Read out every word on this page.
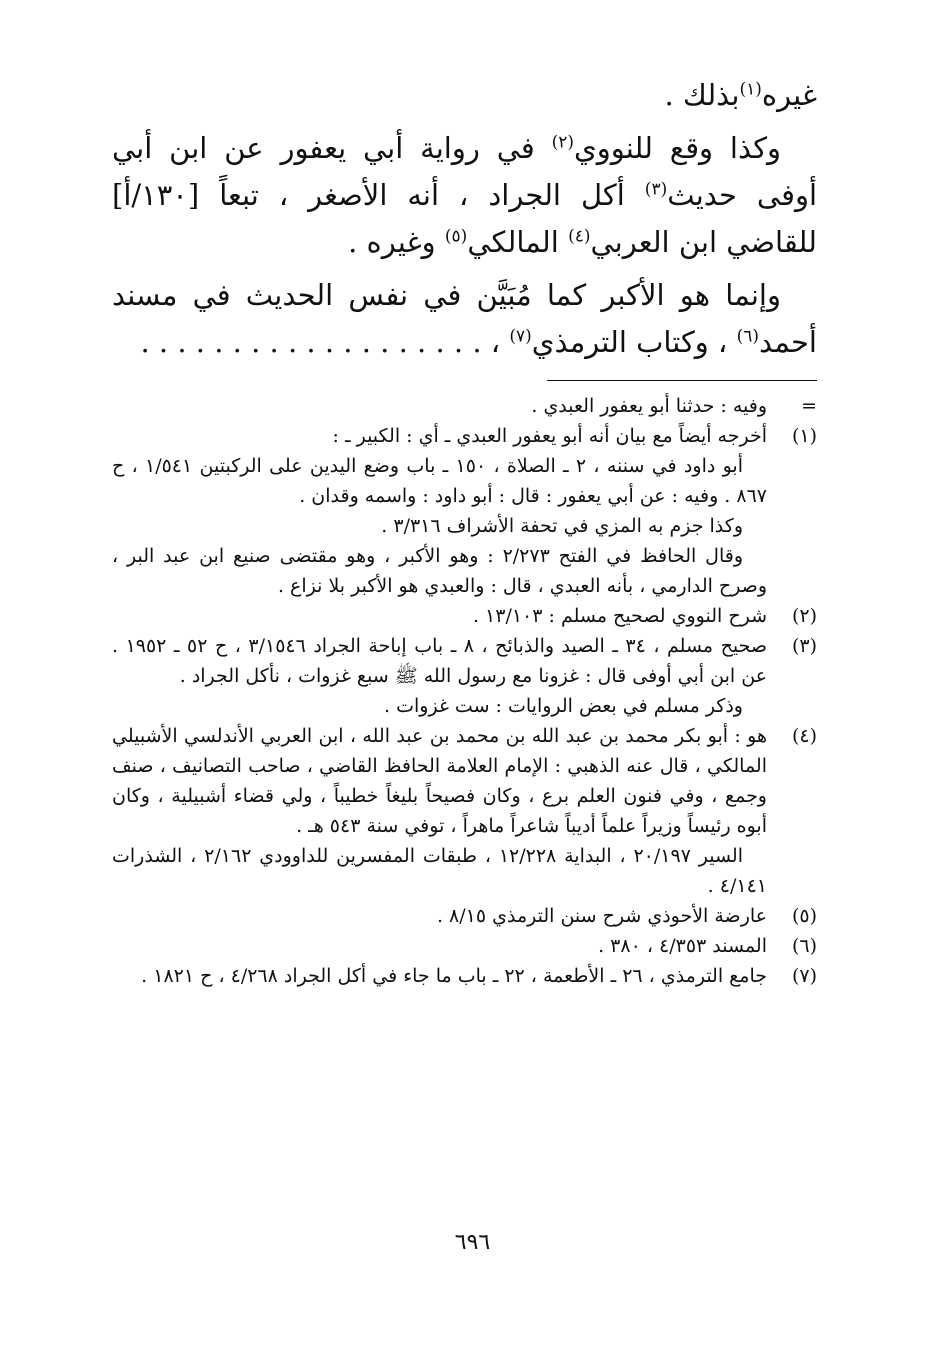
غيره$^{(١)}$بذلك .

وكذا وقع للنووي$^{(٢)}$ في رواية أبي يعفور عن ابن أبي أوفى حديث$^{(٣)}$ أكل الجراد ، أنه الأصغر ، تبعاً [١٣٠/أ] للقاضي ابن العربي$^{(٤)}$ المالكي$^{(٥)}$ وغيره .

وإنما هو الأكبر كما مُبَيَّن في نفس الحديث في مسند أحمد$^{(٦)}$ ، وكتاب الترمذي$^{(٧)}$ ، . . . . . . . . . . . . . . . . . . .

=
وفيه : حدثنا أبو يعفور العبدي .
(١)
أخرجه أيضاً مع بيان أنه أبو يعفور العبدي ـ أي : الكبير ـ :
أبو داود في سننه ، ٢ ـ الصلاة ، ١٥٠ ـ باب وضع اليدين على الركبتين ١/٥٤١ ، ح ٨٦٧ . وفيه : عن أبي يعفور : قال : أبو داود : واسمه وقدان .
وكذا جزم به المزي في تحفة الأشراف ٣/٣١٦ .
وقال الحافظ في الفتح ٢/٢٧٣ : وهو الأكبر ، وهو مقتضى صنيع ابن عبد البر ، وصرح الدارمي ، بأنه العبدي ، قال : والعبدي هو الأكبر بلا نزاع .
(٢)
شرح النووي لصحيح مسلم : ١٣/١٠٣ .
(٣)
صحيح مسلم ، ٣٤ ـ الصيد والذبائح ، ٨ ـ باب إباحة الجراد ٣/١٥٤٦ ، ح ٥٢ ـ ١٩٥٢ . عن ابن أبي أوفى قال : غزونا مع رسول الله ﷺ سبع غزوات ، نأكل الجراد .
وذكر مسلم في بعض الروايات : ست غزوات .
(٤)
هو : أبو بكر محمد بن عبد الله بن محمد بن عبد الله ، ابن العربي الأندلسي الأشبيلي المالكي ، قال عنه الذهبي : الإمام العلامة الحافظ القاضي ، صاحب التصانيف ، صنف وجمع ، وفي فنون العلم برع ، وكان فصيحاً بليغاً خطيباً ، ولي قضاء أشبيلية ، وكان أبوه رئيساً وزيراً علماً أديباً شاعراً ماهراً ، توفي سنة ٥٤٣ هـ .
السير ٢٠/١٩٧ ، البداية ١٢/٢٢٨ ، طبقات المفسرين للداوودي ٢/١٦٢ ، الشذرات ٤/١٤١ .
(٥)
عارضة الأحوذي شرح سنن الترمذي ٨/١٥ .
(٦)
المسند ٤/٣٥٣ ، ٣٨٠ .
(٧)
جامع الترمذي ، ٢٦ ـ الأطعمة ، ٢٢ ـ باب ما جاء في أكل الجراد ٤/٢٦٨ ، ح ١٨٢١ .
٦٩٦
